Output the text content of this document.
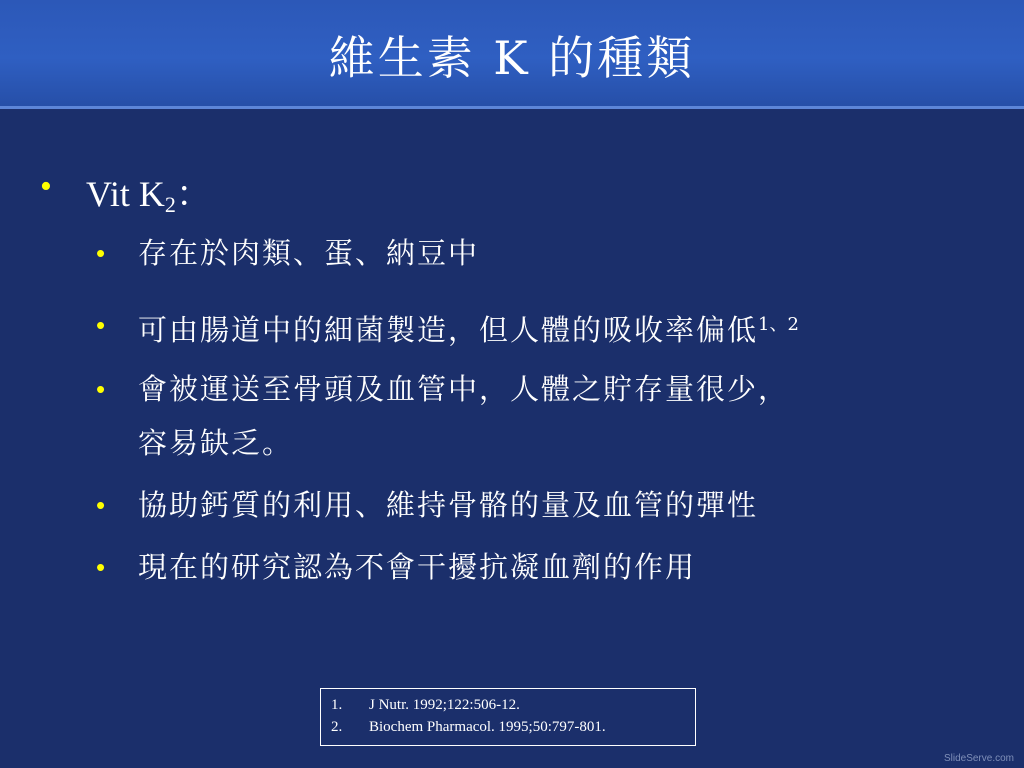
維生素 K 的種類
• Vit $K_2$：
• 存在於肉類、蛋、納豆中
• 可由腸道中的細菌製造，但人體的吸收率偏低$^{1、2}$
• 會被運送至骨頭及血管中，人體之貯存量很少，
容易缺乏。
• 協助鈣質的利用、維持骨骼的量及血管的彈性
• 現在的研究認為不會干擾抗凝血劑的作用
1. J Nutr. 1992;122:506-12.
2. Biochem Pharmacol. 1995;50:797-801.
SlideServe.com
